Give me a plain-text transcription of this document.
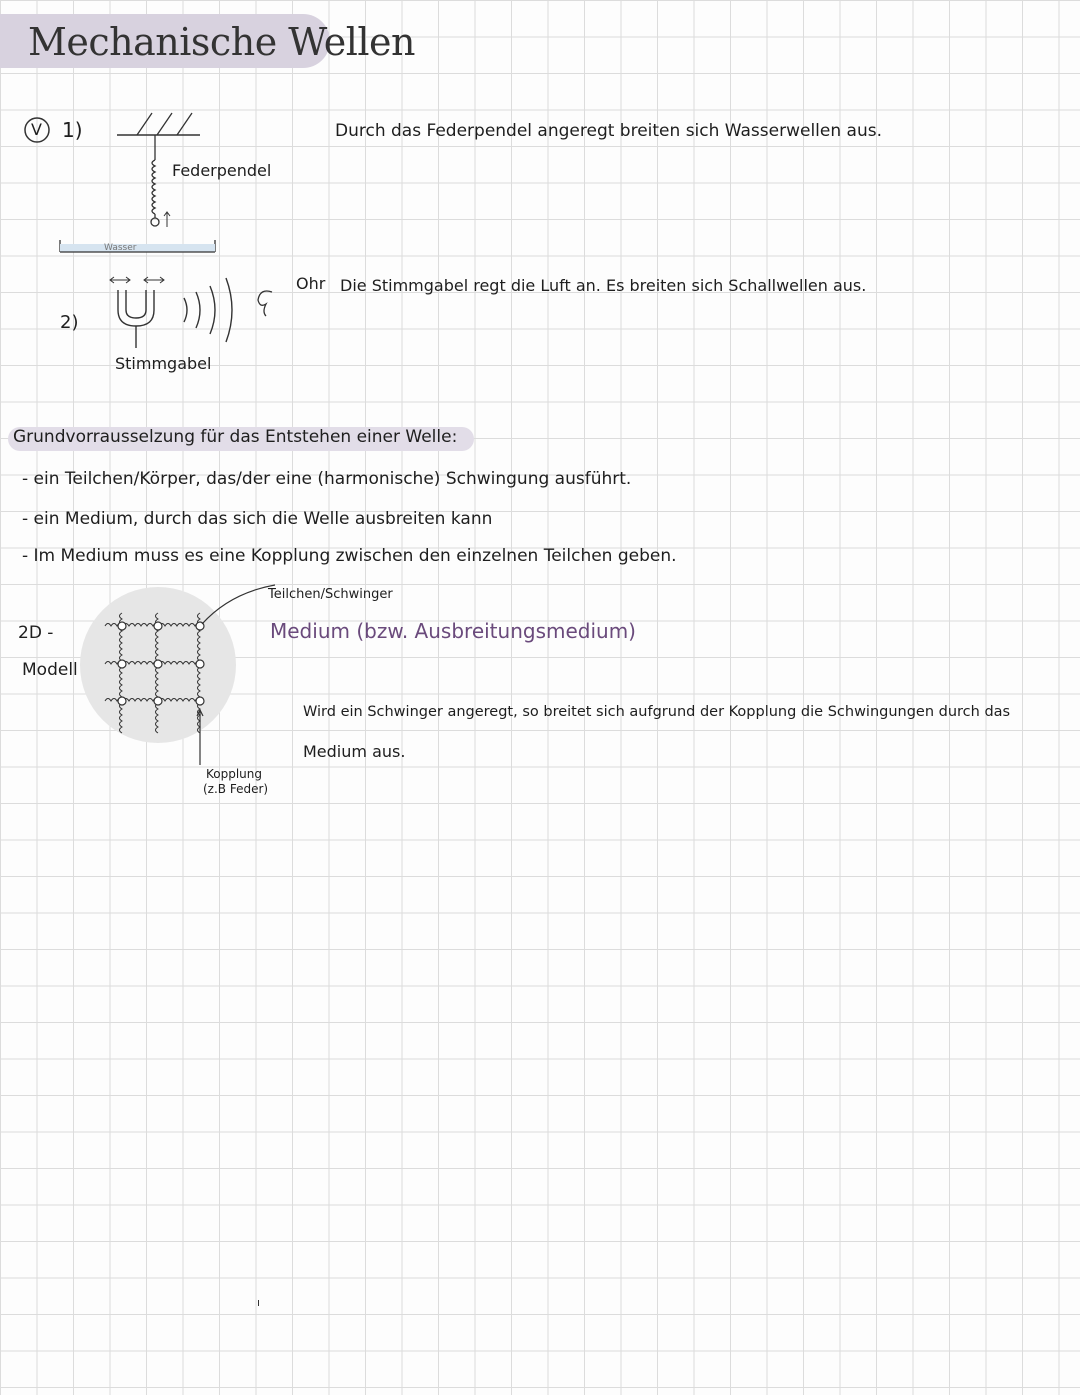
Mechanische Wellen
V 1)
Federpendel
Wasser
Durch das Federpendel angeregt breiten sich Wasserwellen aus.
2)
Ohr Die Stimmgabel regt die Luft an. Es breiten sich Schallwellen aus.
Stimmgabel
Grundvorrausselzung für das Entstehen einer Welle:
- ein Teilchen/Körper, das/der eine (harmonische) Schwingung ausführt.
- ein Medium, durch das sich die Welle ausbreiten kann
- Im Medium muss es eine Kopplung zwischen den einzelnen Teilchen geben.
2D -
Modell
Teilchen/Schwinger
Medium (bzw. Ausbreitungsmedium)
Kopplung
(z.B Feder)
Wird ein Schwinger angeregt, so breitet sich aufgrund der Kopplung die Schwingungen durch das
Medium aus.
